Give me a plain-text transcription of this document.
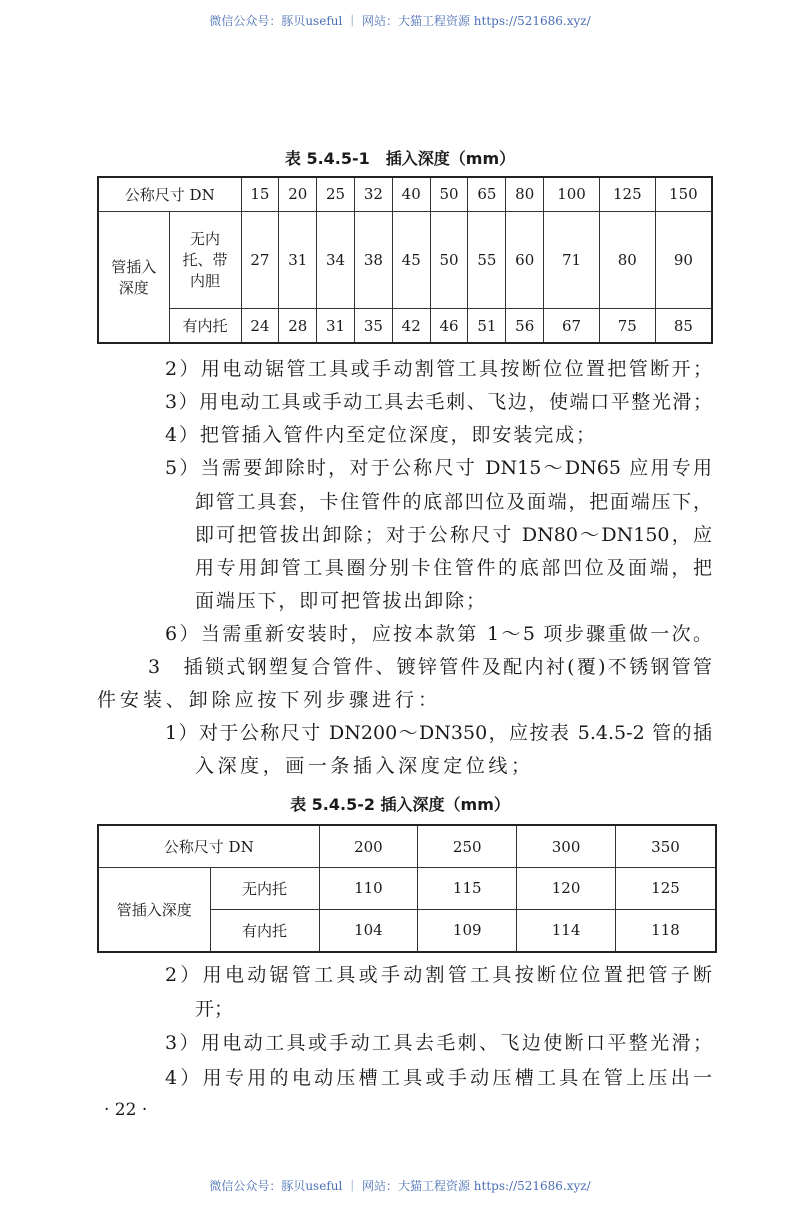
微信公众号：豚贝useful ｜ 网站：大猫工程资源 https://521686.xyz/
表 5.4.5-1　插入深度（mm）
公称尺寸 DN		15	20	25	32	40	50	65	80	100	125	150
管插入深度	无内托、带内胆	27	31	34	38	45	50	55	60	71	80	90
	有内托	24	28	31	35	42	46	51	56	67	75	85
2）用电动锯管工具或手动割管工具按断位位置把管断开；
3）用电动工具或手动工具去毛刺、飞边，使端口平整光滑；
4）把管插入管件内至定位深度，即安装完成；
5）当需要卸除时，对于公称尺寸 DN15～DN65 应用专用
卸管工具套，卡住管件的底部凹位及面端，把面端压下，
即可把管拔出卸除；对于公称尺寸 DN80～DN150，应
用专用卸管工具圈分别卡住管件的底部凹位及面端，把
面端压下，即可把管拔出卸除；
6）当需重新安装时，应按本款第 1～5 项步骤重做一次。
3　插锁式钢塑复合管件、镀锌管件及配内衬(覆)不锈钢管管
件安装、卸除应按下列步骤进行：
1）对于公称尺寸 DN200～DN350，应按表 5.4.5-2 管的插
入深度，画一条插入深度定位线；
表 5.4.5-2 插入深度（mm）
公称尺寸 DN		200	250	300	350
管插入深度	无内托	110	115	120	125
	有内托	104	109	114	118
2）用电动锯管工具或手动割管工具按断位位置把管子断
开；
3）用电动工具或手动工具去毛刺、飞边使断口平整光滑；
4）用专用的电动压槽工具或手动压槽工具在管上压出一
· 22 ·
微信公众号：豚贝useful ｜ 网站：大猫工程资源 https://521686.xyz/
